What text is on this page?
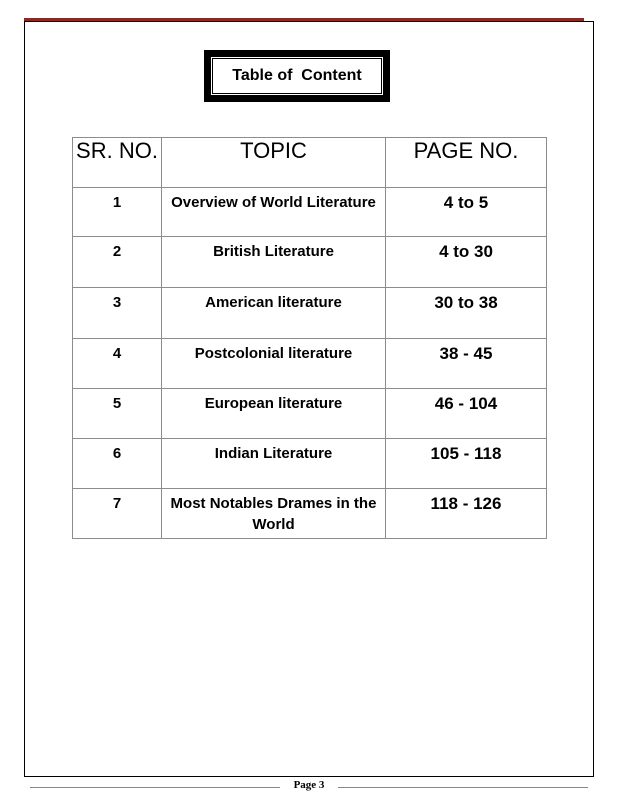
Table of  Content
SR. NO.	TOPIC	PAGE NO.
1	Overview of World Literature	4 to 5
2	British Literature	4 to 30
3	American literature	30 to 38
4	Postcolonial literature	38 - 45
5	European literature	46 - 104
6	Indian Literature	105 - 118
7	Most Notables Drames in the World	118 - 126
Page 3
